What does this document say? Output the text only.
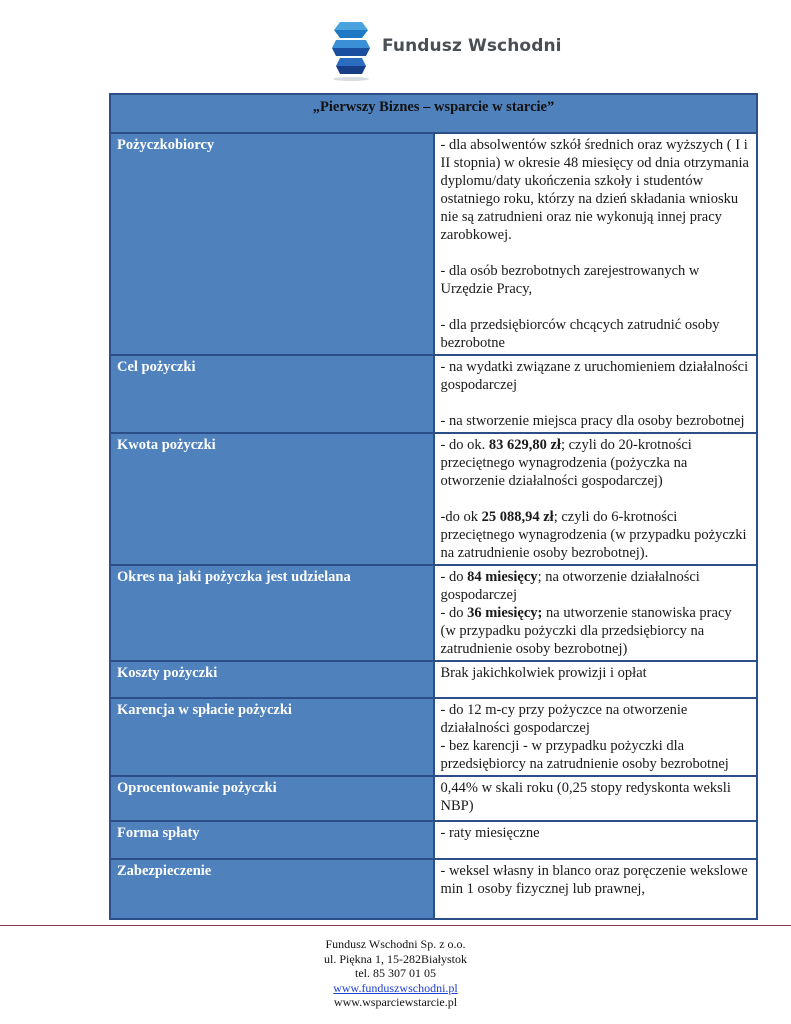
Fundusz Wschodni
„Pierwszy Biznes – wsparcie w starcie”	
Pożyczkobiorcy	- dla absolwentów szkół średnich oraz wyższych ( I i II stopnia) w okresie 48 miesięcy od dnia otrzymania dyplomu/daty ukończenia szkoły i studentów ostatniego roku, którzy na dzień składania wniosku nie są zatrudnieni oraz nie wykonują innej pracy zarobkowej.

- dla osób bezrobotnych zarejestrowanych w Urzędzie Pracy,

- dla przedsiębiorców chcących zatrudnić osoby bezrobotne

Cel pożyczki	- na wydatki związane z uruchomieniem działalności gospodarczej

- na stworzenie miejsca pracy dla osoby bezrobotnej

Kwota pożyczki	- do ok. 83 629,80 zł; czyli do 20-krotności przeciętnego wynagrodzenia (pożyczka na otworzenie działalności gospodarczej)

-do ok 25 088,94 zł; czyli do 6-krotności przeciętnego wynagrodzenia (w przypadku pożyczki na zatrudnienie osoby bezrobotnej).

Okres na jaki pożyczka jest udzielana	- do 84 miesięcy; na otworzenie działalności gospodarczej

- do 36 miesięcy; na utworzenie stanowiska pracy (w przypadku pożyczki dla przedsiębiorcy na zatrudnienie osoby bezrobotnej)

Koszty pożyczki	Brak jakichkolwiek prowizji i opłat
Karencja w spłacie pożyczki	- do 12 m-cy przy pożyczce na otworzenie działalności gospodarczej

- bez karencji - w przypadku pożyczki dla przedsiębiorcy na zatrudnienie osoby bezrobotnej

Oprocentowanie pożyczki	0,44% w skali roku (0,25 stopy redyskonta weksli NBP)
Forma spłaty	- raty miesięczne
Zabezpieczenie	- weksel własny in blanco oraz poręczenie wekslowe min 1 osoby fizycznej lub prawnej,
Fundusz Wschodni Sp. z o.o.
ul. Piękna 1, 15-282Białystok
tel. 85 307 01 05
www.funduszwschodni.pl
www.wsparciewstarcie.pl
